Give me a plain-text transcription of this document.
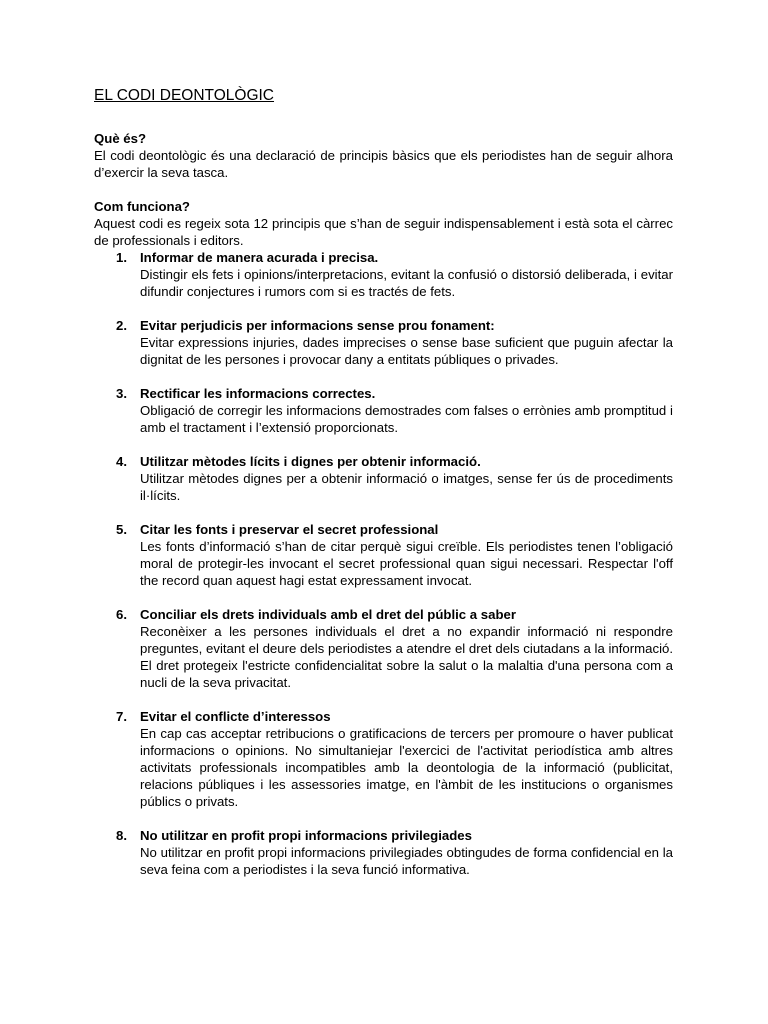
EL CODI DEONTOLÒGIC

Què és?

El codi deontològic és una declaració de principis bàsics que els periodistes han de seguir alhora d’exercir la seva tasca.

Com funciona?

Aquest codi es regeix sota 12 principis que s’han de seguir indispensablement i està sota el càrrec de professionals i editors.

1. Informar de manera acurada i precisa.
Distingir els fets i opinions/interpretacions, evitant la confusió o distorsió deliberada, i evitar difundir conjectures i rumors com si es tractés de fets.
2. Evitar perjudicis per informacions sense prou fonament:
Evitar expressions injuries, dades imprecises o sense base suficient que puguin afectar la dignitat de les persones i provocar dany a entitats públiques o privades.
3. Rectificar les informacions correctes.
Obligació de corregir les informacions demostrades com falses o errònies amb promptitud i amb el tractament i l’extensió proporcionats.
4. Utilitzar mètodes lícits i dignes per obtenir informació.
Utilitzar mètodes dignes per a obtenir informació o imatges, sense fer ús de procediments il·lícits.
5. Citar les fonts i preservar el secret professional
Les fonts d’informació s’han de citar perquè sigui creïble. Els periodistes tenen l’obligació moral de protegir-les invocant el secret professional quan sigui necessari. Respectar l'off the record quan aquest hagi estat expressament invocat.
6. Conciliar els drets individuals amb el dret del públic a saber
Reconèixer a les persones individuals el dret a no expandir informació ni respondre preguntes, evitant el deure dels periodistes a atendre el dret dels ciutadans a la informació. El dret protegeix l'estricte confidencialitat sobre la salut o la malaltia d'una persona com a nucli de la seva privacitat.
7. Evitar el conflicte d’interessos
En cap cas acceptar retribucions o gratificacions de tercers per promoure o haver publicat informacions o opinions. No simultaniejar l'exercici de l'activitat periodística amb altres activitats professionals incompatibles amb la deontologia de la informació (publicitat, relacions públiques i les assessories imatge, en l'àmbit de les institucions o organismes públics o privats.
8. No utilitzar en profit propi informacions privilegiades
No utilitzar en profit propi informacions privilegiades obtingudes de forma confidencial en la seva feina com a periodistes i la seva funció informativa.
